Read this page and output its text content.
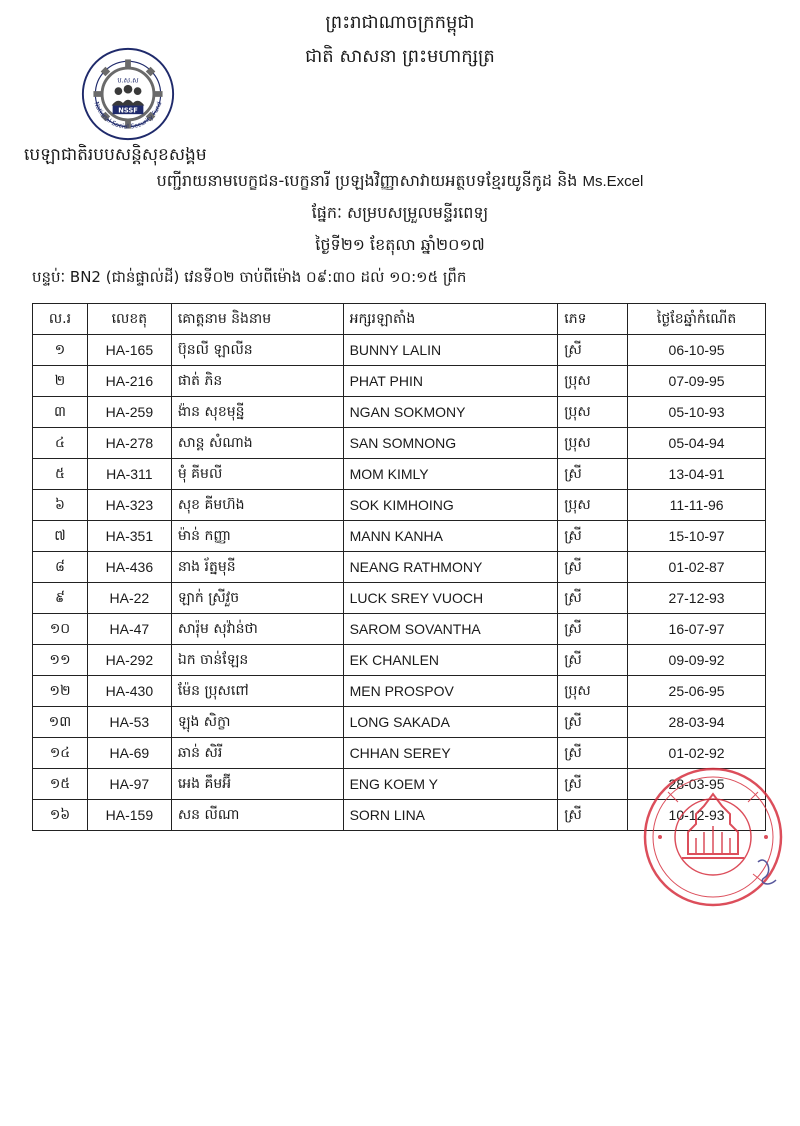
ព្រះរាជាណាចក្រកម្ពុជា
ជាតិ សាសនា ព្រះមហាក្សត្រ
ប.ស.ស
NSSF
National Social Security Fund
បេឡាជាតិរបបសន្តិសុខសង្គម
បញ្ជីរាយនាមបេក្ខជន-បេក្ខនារី ប្រឡងវិញ្ញាសាវាយអត្ថបទខ្មែរយូនីកូដ និង Ms.Excel
ផ្នែកៈ សម្របសម្រួលមន្ទីរពេទ្យ
ថ្ងៃទី២១ ខែតុលា ឆ្នាំ២០១៧
បន្ទប់ៈ BN2 (ជាន់ផ្ទាល់ដី) វេនទី០២ ចាប់ពីម៉ោង ០៩:៣០ ដល់ ១០:១៥ ព្រឹក
ល.រ	លេខតុ	គោត្តនាម និងនាម	អក្សរឡាតាំង	ភេទ	ថ្ងៃខែឆ្នាំកំណើត
១	HA-165	ប៊ុនលី ឡាលីន	BUNNY LALIN	ស្រី	06-10-95
២	HA-216	ផាត់ ភិន	PHAT PHIN	ប្រុស	07-09-95
៣	HA-259	ង៉ាន សុខមុន្នី	NGAN SOKMONY	ប្រុស	05-10-93
៤	HA-278	សាន្ត សំណាង	SAN SOMNONG	ប្រុស	05-04-94
៥	HA-311	មុំ គីមលី	MOM KIMLY	ស្រី	13-04-91
៦	HA-323	សុខ គីមហ៊ង	SOK KIMHOING	ប្រុស	11-11-96
៧	HA-351	ម៉ាន់ កញ្ញា	MANN KANHA	ស្រី	15-10-97
៨	HA-436	នាង រ័ត្នមុនី	NEANG RATHMONY	ស្រី	01-02-87
៩	HA-22	ឡាក់ ស្រីវួច	LUCK SREY VUOCH	ស្រី	27-12-93
១០	HA-47	សារ៉ុម សុវ៉ាន់ថា	SAROM SOVANTHA	ស្រី	16-07-97
១១	HA-292	ឯក ចាន់ឡែន	EK CHANLEN	ស្រី	09-09-92
១២	HA-430	ម៉ែន ប្រុសពៅ	MEN PROSPOV	ប្រុស	25-06-95
១៣	HA-53	ឡុង សិក្ខា	LONG SAKADA	ស្រី	28-03-94
១៤	HA-69	ឆាន់ សិរី	CHHAN SEREY	ស្រី	01-02-92
១៥	HA-97	អេង គឹមអ៊ី	ENG KOEM Y	ស្រី	28-03-95
១៦	HA-159	សន លីណា	SORN LINA	ស្រី	10-12-93
